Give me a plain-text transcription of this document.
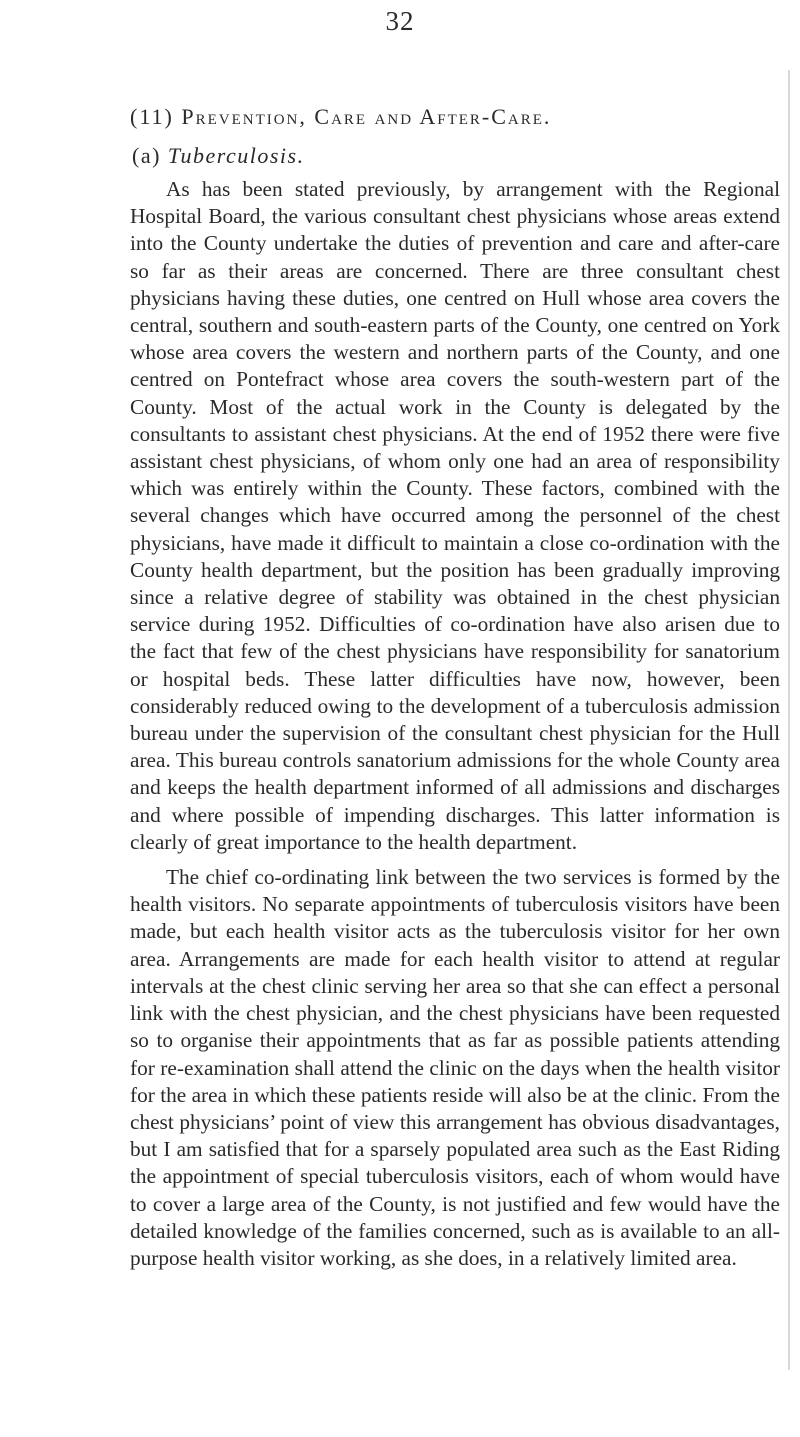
32
(11) Prevention, Care and After-Care.
(a) Tuberculosis.

As has been stated previously, by arrangement with the Regional Hospital Board, the various consultant chest physicians whose areas extend into the County undertake the duties of prevention and care and after-care so far as their areas are concerned. There are three consultant chest physicians having these duties, one centred on Hull whose area covers the central, southern and south-eastern parts of the County, one centred on York whose area covers the western and northern parts of the County, and one centred on Pontefract whose area covers the south-western part of the County. Most of the actual work in the County is delegated by the consultants to assistant chest physicians. At the end of 1952 there were five assistant chest physicians, of whom only one had an area of responsibility which was entirely within the County. These factors, combined with the several changes which have occurred among the personnel of the chest physicians, have made it difficult to maintain a close co-ordination with the County health department, but the position has been gradually improving since a relative degree of stability was obtained in the chest physician service during 1952. Difficulties of co-ordination have also arisen due to the fact that few of the chest physicians have responsibility for sanatorium or hospital beds. These latter difficulties have now, however, been considerably reduced owing to the development of a tuberculosis admission bureau under the supervision of the consultant chest physician for the Hull area. This bureau controls sanatorium admissions for the whole County area and keeps the health department informed of all admissions and discharges and where possible of impending discharges. This latter information is clearly of great importance to the health department.

The chief co-ordinating link between the two services is formed by the health visitors. No separate appointments of tuberculosis visitors have been made, but each health visitor acts as the tuberculosis visitor for her own area. Arrangements are made for each health visitor to attend at regular intervals at the chest clinic serving her area so that she can effect a personal link with the chest physician, and the chest physicians have been requested so to organise their appointments that as far as possible patients attending for re-examination shall attend the clinic on the days when the health visitor for the area in which these patients reside will also be at the clinic. From the chest physicians’ point of view this arrangement has obvious disadvantages, but I am satisfied that for a sparsely populated area such as the East Riding the appointment of special tuberculosis visitors, each of whom would have to cover a large area of the County, is not justified and few would have the detailed knowledge of the families concerned, such as is available to an all-purpose health visitor working, as she does, in a relatively limited area.
